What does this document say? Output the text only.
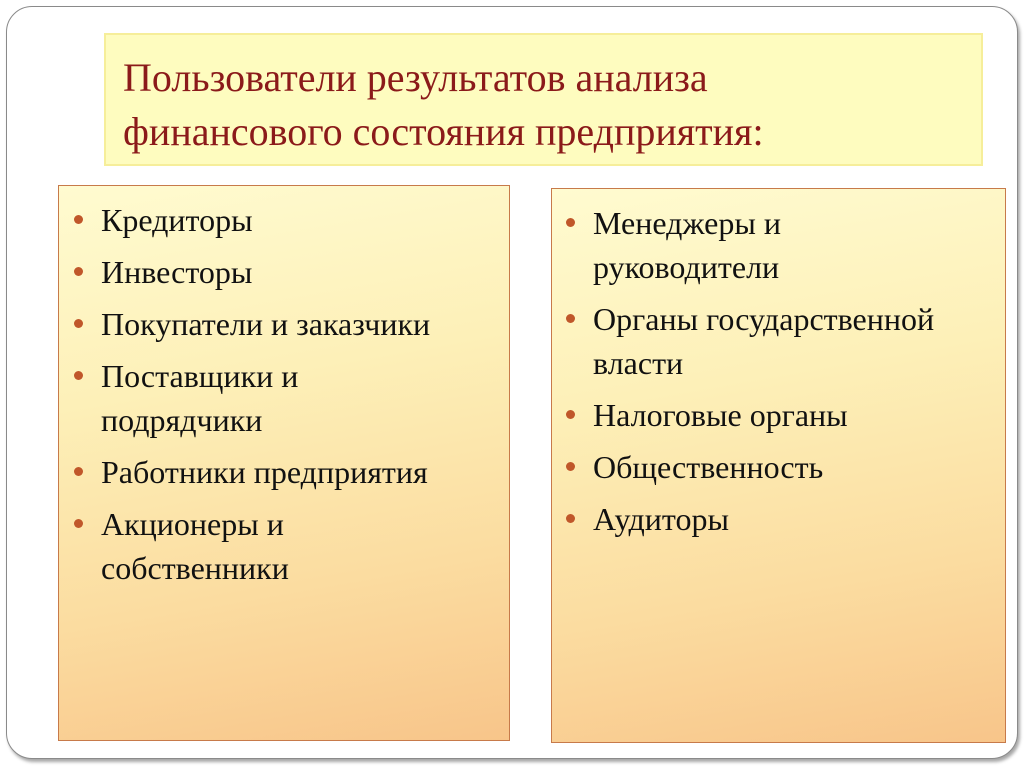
Пользователи результатов анализа
финансового состояния предприятия:
Кредиторы
Инвесторы
Покупатели и заказчики
Поставщики и
подрядчики
Работники предприятия
Акционеры и
собственники
Менеджеры и
руководители
Органы государственной
власти
Налоговые органы
Общественность
Аудиторы
